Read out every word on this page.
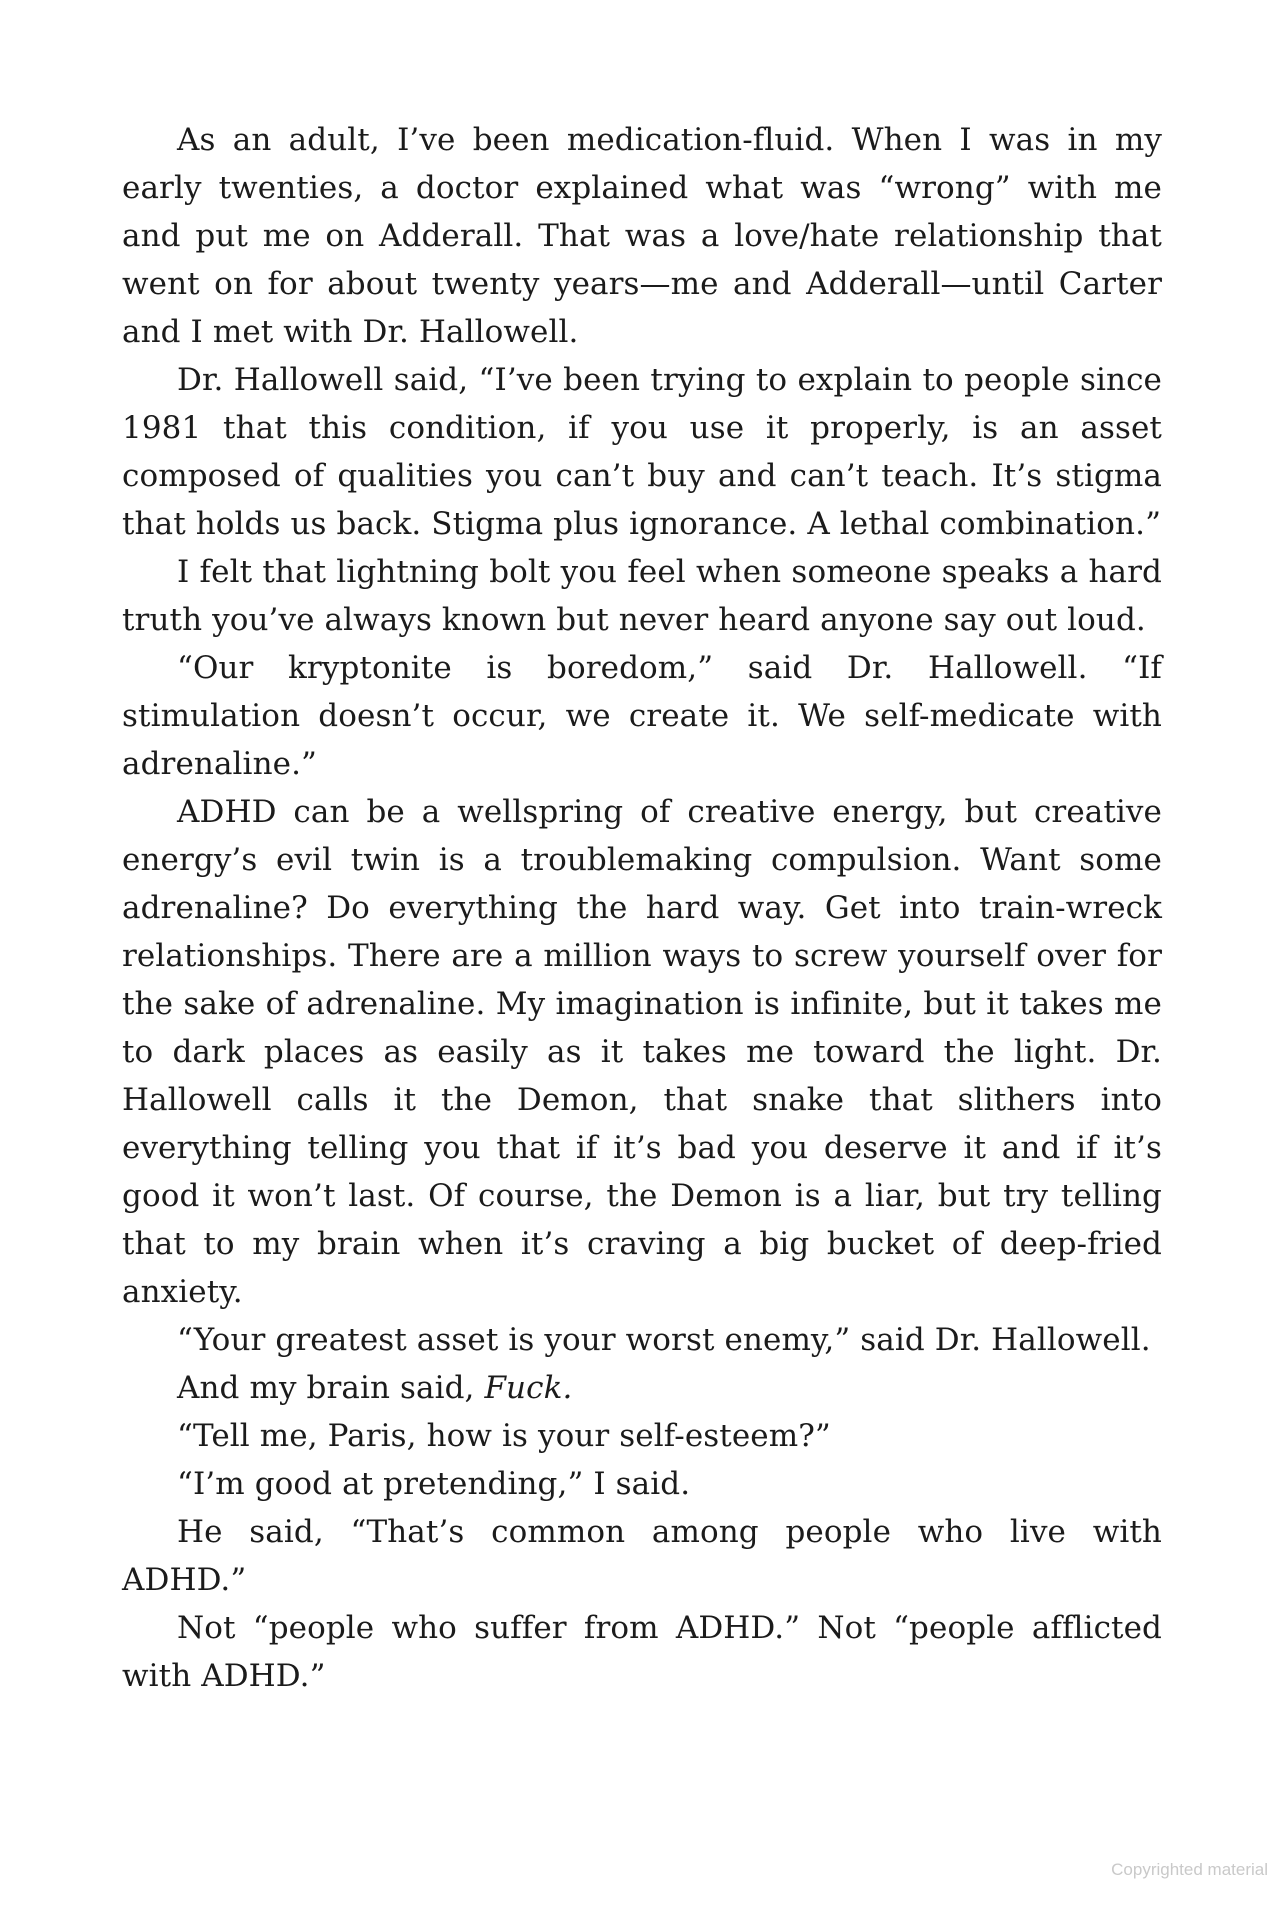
As an adult, I’ve been medication-fluid. When I was in my early twenties, a doctor explained what was “wrong” with me and put me on Adderall. That was a love/hate relationship that went on for about twenty years—me and Adderall—until Carter and I met with Dr. Hallowell.

Dr. Hallowell said, “I’ve been trying to explain to people since 1981 that this condition, if you use it properly, is an asset composed of qualities you can’t buy and can’t teach. It’s stigma that holds us back. Stigma plus ignorance. A lethal combination.”

I felt that lightning bolt you feel when someone speaks a hard truth you’ve always known but never heard anyone say out loud.

“Our kryptonite is boredom,” said Dr. Hallowell. “If stimulation doesn’t occur, we create it. We self-medicate with adrenaline.”

ADHD can be a wellspring of creative energy, but creative energy’s evil twin is a troublemaking compulsion. Want some adrenaline? Do everything the hard way. Get into train-wreck relationships. There are a million ways to screw yourself over for the sake of adrenaline. My imagination is infinite, but it takes me to dark places as easily as it takes me toward the light. Dr. Hallowell calls it the Demon, that snake that slithers into everything telling you that if it’s bad you deserve it and if it’s good it won’t last. Of course, the Demon is a liar, but try telling that to my brain when it’s craving a big bucket of deep-fried anxiety.

“Your greatest asset is your worst enemy,” said Dr. Hallowell.

And my brain said, Fuck.

“Tell me, Paris, how is your self-esteem?”

“I’m good at pretending,” I said.

He said, “That’s common among people who live with ADHD.”

Not “people who suffer from ADHD.” Not “people afflicted with ADHD.”

Copyrighted material
